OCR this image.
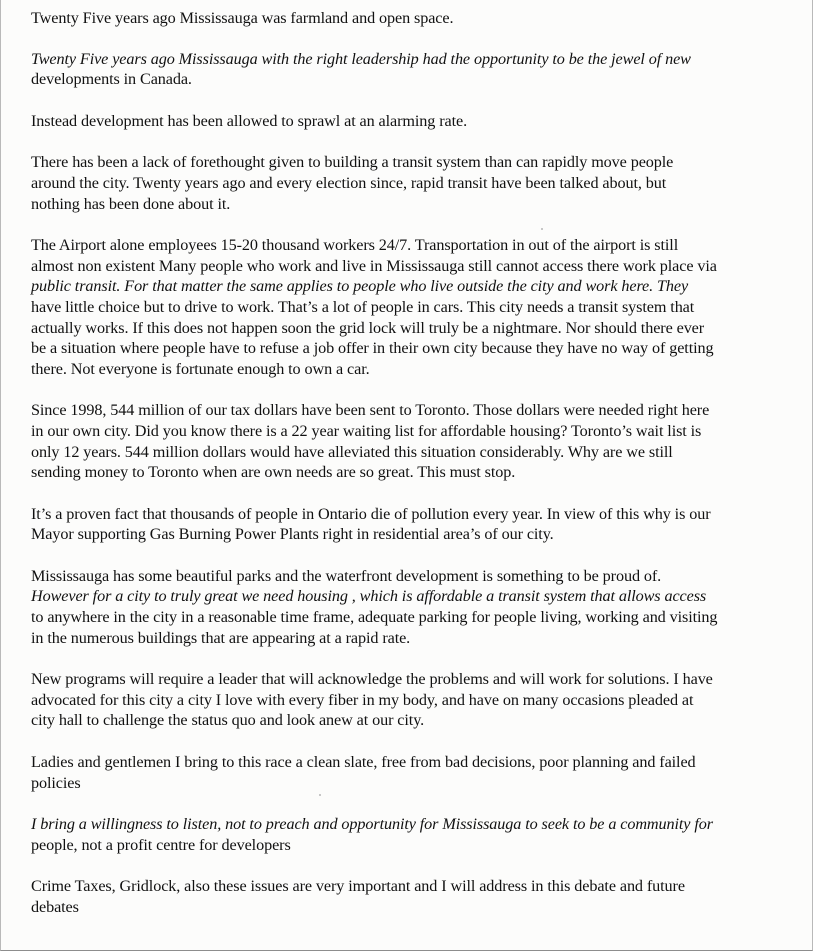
Twenty Five years ago Mississauga was farmland and open space.

Twenty Five years ago Mississauga with the right leadership had the opportunity to be the jewel of new
developments in Canada.

Instead development has been allowed to sprawl at an alarming rate.

There has been a lack of forethought given to building a transit system than can rapidly move people
around the city. Twenty years ago and every election since, rapid transit have been talked about, but
nothing has been done about it.

The Airport alone employees 15-20 thousand workers 24/7. Transportation in out of the airport is still
almost non existent Many people who work and live in Mississauga still cannot access there work place via
public transit. For that matter the same applies to people who live outside the city and work here. They
have little choice but to drive to work. That’s a lot of people in cars. This city needs a transit system that
actually works. If this does not happen soon the grid lock will truly be a nightmare. Nor should there ever
be a situation where people have to refuse a job offer in their own city because they have no way of getting
there. Not everyone is fortunate enough to own a car.

Since 1998, 544 million of our tax dollars have been sent to Toronto. Those dollars were needed right here
in our own city. Did you know there is a 22 year waiting list for affordable housing? Toronto’s wait list is
only 12 years. 544 million dollars would have alleviated this situation considerably. Why are we still
sending money to Toronto when are own needs are so great. This must stop.

It’s a proven fact that thousands of people in Ontario die of pollution every year. In view of this why is our
Mayor supporting Gas Burning Power Plants right in residential area’s of our city.

Mississauga has some beautiful parks and the waterfront development is something to be proud of.
However for a city to truly great we need housing , which is affordable a transit system that allows access
to anywhere in the city in a reasonable time frame, adequate parking for people living, working and visiting
in the numerous buildings that are appearing at a rapid rate.

New programs will require a leader that will acknowledge the problems and will work for solutions. I have
advocated for this city a city I love with every fiber in my body, and have on many occasions pleaded at
city hall to challenge the status quo and look anew at our city.

Ladies and gentlemen I bring to this race a clean slate, free from bad decisions, poor planning and failed
policies

I bring a willingness to listen, not to preach and opportunity for Mississauga to seek to be a community for
people, not a profit centre for developers

Crime Taxes, Gridlock, also these issues are very important and I will address in this debate and future
debates
